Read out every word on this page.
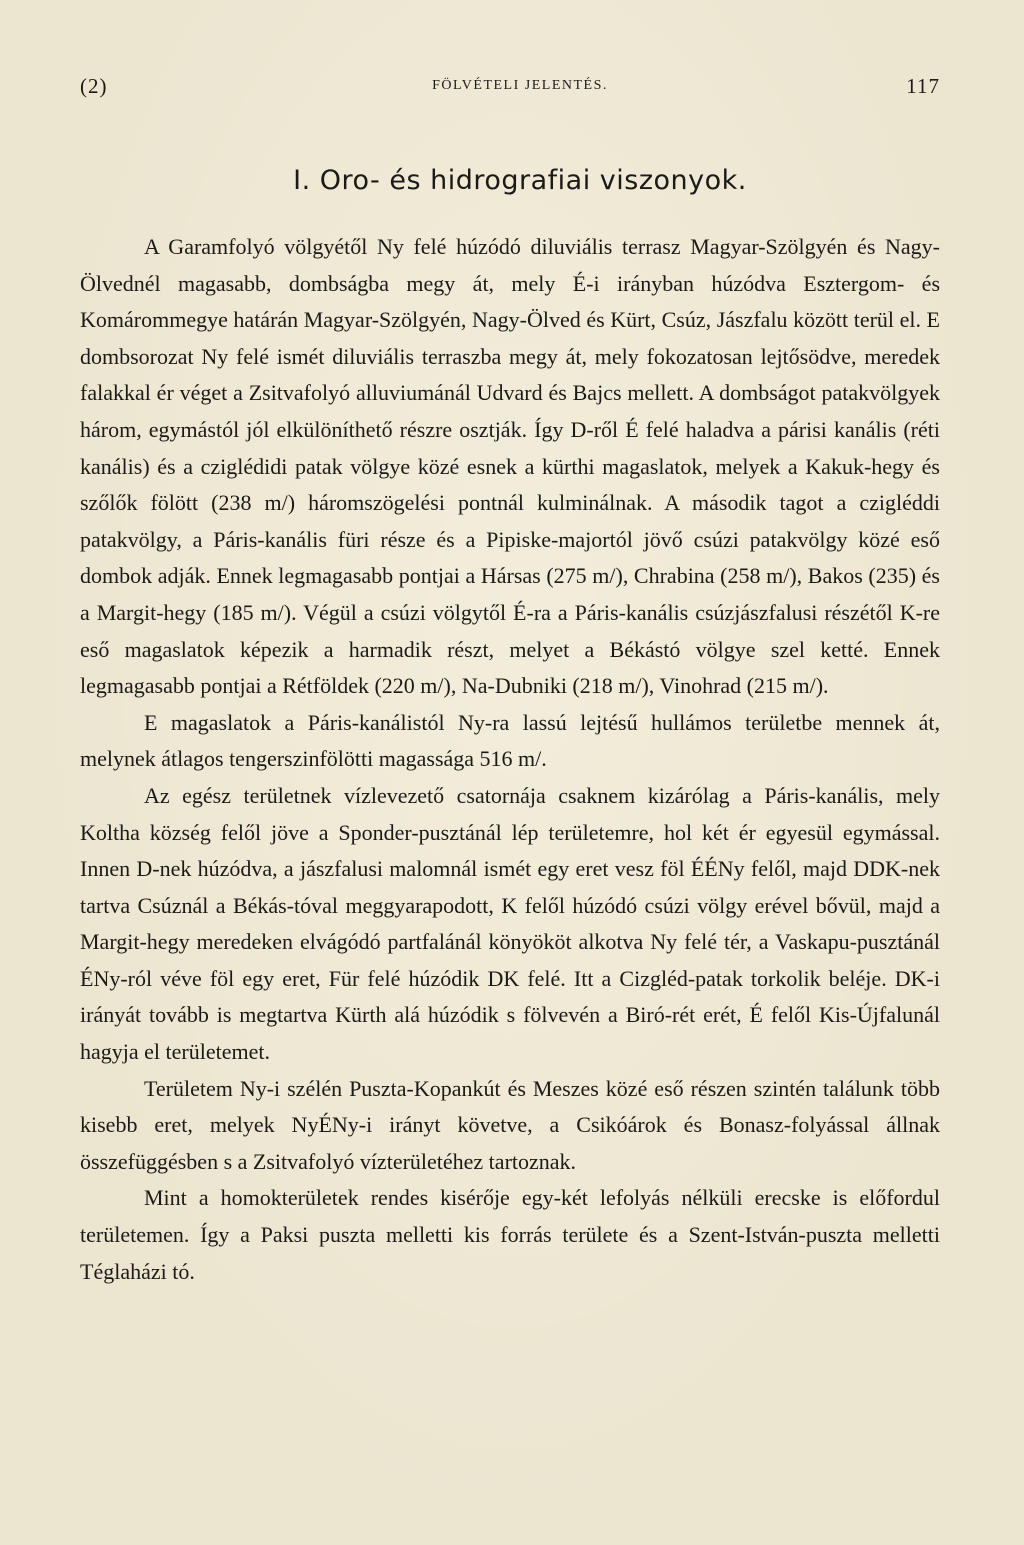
(2)	FÖLVÉTELI JELENTÉS.	117
I. Oro- és hidrografiai viszonyok.

A Garamfolyó völgyétől Ny felé húzódó diluviális terrasz Magyar-Szölgyén és Nagy-Ölvednél magasabb, dombságba megy át, mely É-i irányban húzódva Esztergom- és Komárommegye határán Magyar-Szölgyén, Nagy-Ölved és Kürt, Csúz, Jászfalu között terül el. E dombsorozat Ny felé ismét diluviális terraszba megy át, mely fokozatosan lejtősödve, meredek falakkal ér véget a Zsitvafolyó alluviumánál Udvard és Bajcs mellett. A dombságot patakvölgyek három, egymástól jól elkülöníthető részre osztják. Így D-ről É felé haladva a párisi kanális (réti kanális) és a cziglédidi patak völgye közé esnek a kürthi magaslatok, melyek a Kakuk-hegy és szőlők fölött (238 m/) háromszögelési pontnál kulminálnak. A második tagot a czigléddi patakvölgy, a Páris-kanális füri része és a Pipiske-majortól jövő csúzi patakvölgy közé eső dombok adják. Ennek legmagasabb pontjai a Hársas (275 m/), Chrabina (258 m/), Bakos (235) és a Margit-hegy (185 m/). Végül a csúzi völgytől É-ra a Páris-kanális csúzjászfalusi részétől K-re eső magaslatok képezik a harmadik részt, melyet a Békástó völgye szel ketté. Ennek legmagasabb pontjai a Rétföldek (220 m/), Na-Dubniki (218 m/), Vinohrad (215 m/).

E magaslatok a Páris-kanálistól Ny-ra lassú lejtésű hullámos területbe mennek át, melynek átlagos tengerszinfölötti magassága 516 m/.

Az egész területnek vízlevezető csatornája csaknem kizárólag a Páris-kanális, mely Koltha község felől jöve a Sponder-pusztánál lép területemre, hol két ér egyesül egymással. Innen D-nek húzódva, a jászfalusi malomnál ismét egy eret vesz föl ÉÉNy felől, majd DDK-nek tartva Csúznál a Békás-tóval meggyarapodott, K felől húzódó csúzi völgy erével bővül, majd a Margit-hegy meredeken elvágódó partfalánál könyököt alkotva Ny felé tér, a Vaskapu-pusztánál ÉNy-ról véve föl egy eret, Für felé húzódik DK felé. Itt a Cizgléd-patak torkolik beléje. DK-i irányát tovább is megtartva Kürth alá húzódik s fölvevén a Biró-rét erét, É felől Kis-Újfalunál hagyja el területemet.

Területem Ny-i szélén Puszta-Kopankút és Meszes közé eső részen szintén találunk több kisebb eret, melyek NyÉNy-i irányt követve, a Csikóárok és Bonasz-folyással állnak összefüggésben s a Zsitvafolyó vízterületéhez tartoznak.

Mint a homokterületek rendes kisérője egy-két lefolyás nélküli erecske is előfordul területemen. Így a Paksi puszta melletti kis forrás területe és a Szent-István-puszta melletti Téglaházi tó.
